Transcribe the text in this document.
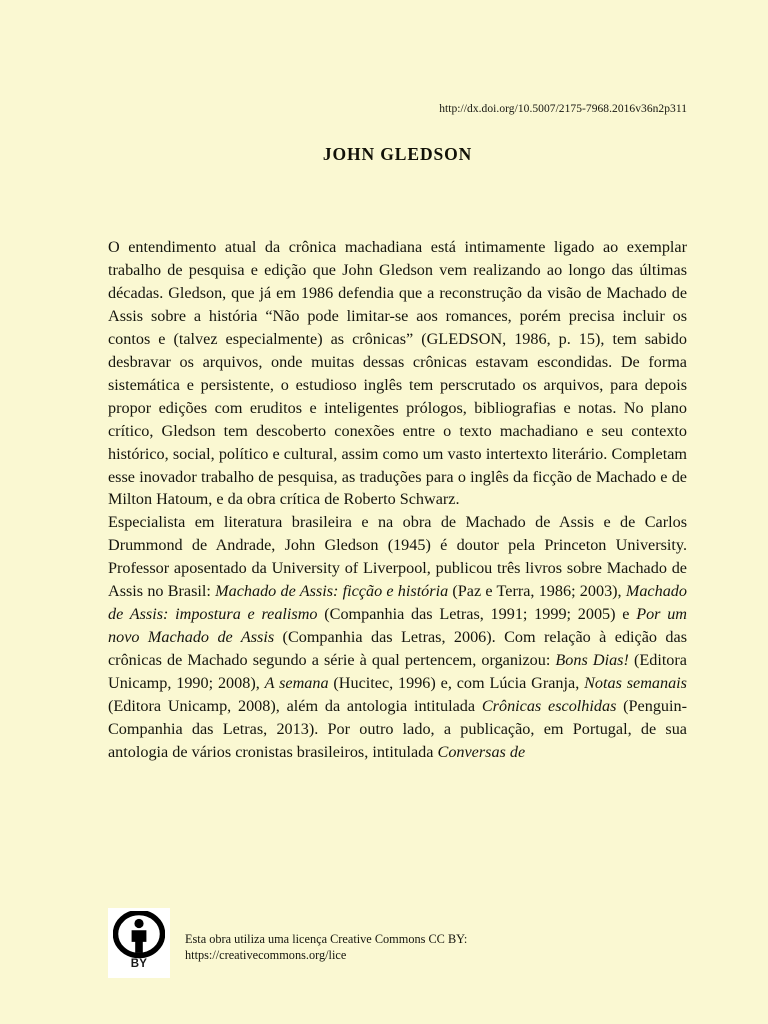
http://dx.doi.org/10.5007/2175-7968.2016v36n2p311
JOHN GLEDSON

O entendimento atual da crônica machadiana está intimamente ligado ao exemplar trabalho de pesquisa e edição que John Gledson vem realizando ao longo das últimas décadas. Gledson, que já em 1986 defendia que a reconstrução da visão de Machado de Assis sobre a história “Não pode limitar-se aos romances, porém precisa incluir os contos e (talvez especialmente) as crônicas” (GLEDSON, 1986, p. 15), tem sabido desbravar os arquivos, onde muitas dessas crônicas estavam escondidas. De forma sistemática e persistente, o estudioso inglês tem perscrutado os arquivos, para depois propor edições com eruditos e inteligentes prólogos, bibliografias e notas. No plano crítico, Gledson tem descoberto conexões entre o texto machadiano e seu contexto histórico, social, político e cultural, assim como um vasto intertexto literário. Completam esse inovador trabalho de pesquisa, as traduções para o inglês da ficção de Machado e de Milton Hatoum, e da obra crítica de Roberto Schwarz.

Especialista em literatura brasileira e na obra de Machado de Assis e de Carlos Drummond de Andrade, John Gledson (1945) é doutor pela Princeton University. Professor aposentado da University of Liverpool, publicou três livros sobre Machado de Assis no Brasil: Machado de Assis: ficção e história (Paz e Terra, 1986; 2003), Machado de Assis: impostura e realismo (Companhia das Letras, 1991; 1999; 2005) e Por um novo Machado de Assis (Companhia das Letras, 2006). Com relação à edição das crônicas de Machado segundo a série à qual pertencem, organizou: Bons Dias! (Editora Unicamp, 1990; 2008), A semana (Hucitec, 1996) e, com Lúcia Granja, Notas semanais (Editora Unicamp, 2008), além da antologia intitulada Crônicas escolhidas (Penguin-Companhia das Letras, 2013). Por outro lado, a publicação, em Portugal, de sua antologia de vários cronistas brasileiros, intitulada Conversas de

BY
Esta obra utiliza uma licença Creative Commons CC BY:
https://creativecommons.org/lice
